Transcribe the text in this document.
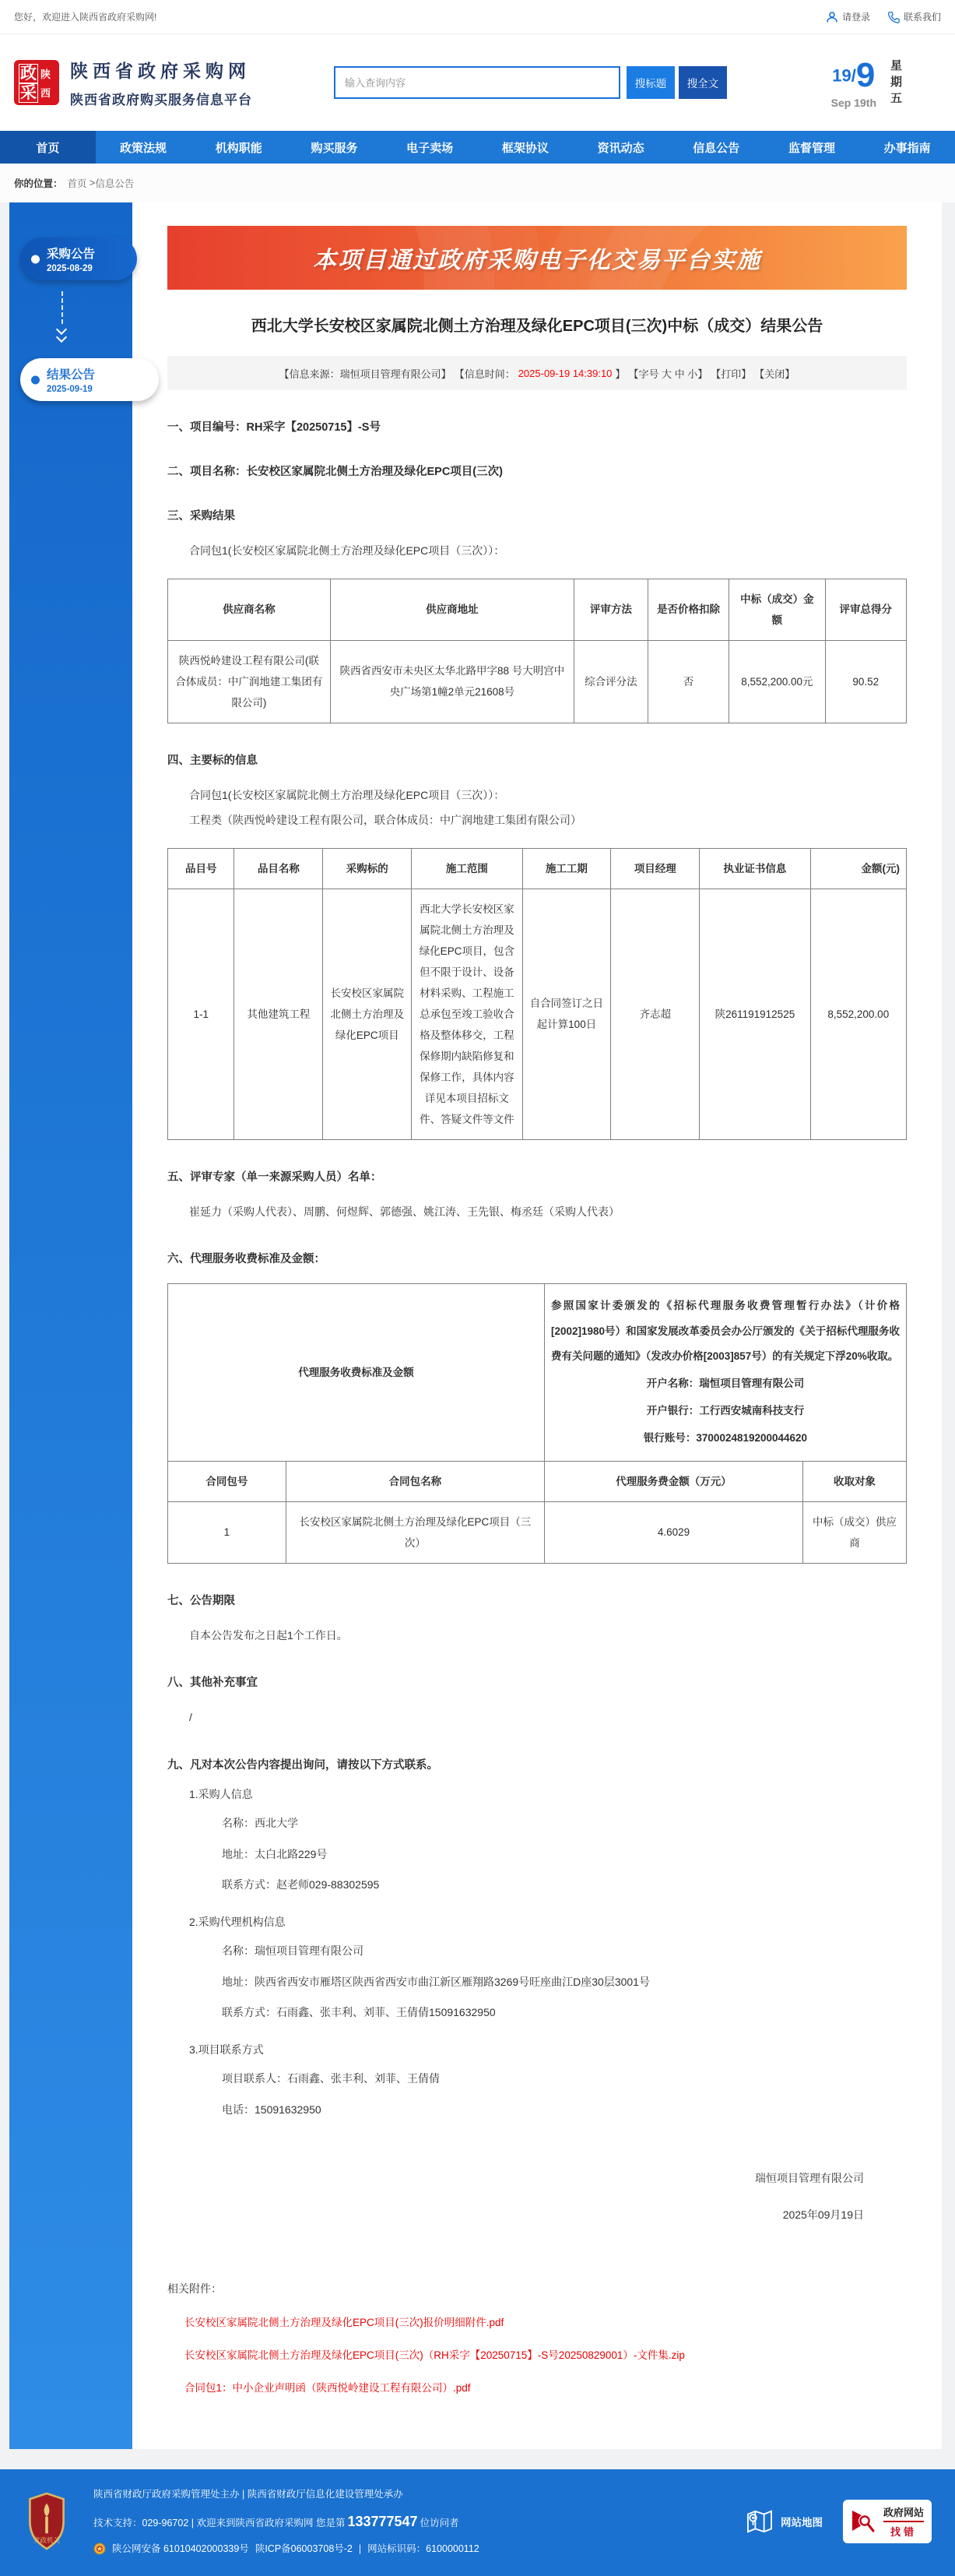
您好，欢迎进入陕西省政府采购网!	请登录	联系我们
政
采
陕
西
陕西省政府采购网
陕西省政府购买服务信息平台
输入查询内容
搜标题	搜全文	19/9
Sep 19th 星期五
首页	政策法规	机构职能	购买服务	电子卖场	框架协议	资讯动态	信息公告	监督管理	办事指南
你的位置： 首页
> 信息公告
采购公告
2025-08-29
结果公告
2025-09-19
本项目通过政府采购电子化交易平台实施
西北大学长安校区家属院北侧土方治理及绿化EPC项目(三次)中标（成交）结果公告
【信息来源：瑞恒项目管理有限公司】 【信息时间： 2025-09-19 14:39:10 】 【字号 大 中 小】 【打印】 【关闭】
一、项目编号：RH采字【20250715】-S号
二、项目名称：长安校区家属院北侧土方治理及绿化EPC项目(三次)
三、采购结果
合同包1(长安校区家属院北侧土方治理及绿化EPC项目（三次））：
供应商名称	供应商地址	评审方法	是否价格扣除	中标（成交）金额	评审总得分
陕西悦岭建设工程有限公司(联合体成员：中广润地建工集团有限公司)	陕西省西安市未央区太华北路甲字88 号大明宫中央广场第1幢2单元21608号	综合评分法	否	8,552,200.00元	90.52
四、主要标的信息
合同包1(长安校区家属院北侧土方治理及绿化EPC项目（三次））：
工程类（陕西悦岭建设工程有限公司，联合体成员：中广润地建工集团有限公司）
品目号	品目名称	采购标的	施工范围	施工工期	项目经理	执业证书信息	金额(元)
1-1	其他建筑工程	长安校区家属院北侧土方治理及绿化EPC项目	西北大学长安校区家属院北侧土方治理及绿化EPC项目，包含但不限于设计、设备材料采购、工程施工总承包至竣工验收合格及整体移交，工程保修期内缺陷修复和保修工作，具体内容详见本项目招标文件、答疑文件等文件	自合同签订之日起计算100日	齐志超	陕261191912525	8,552,200.00
五、评审专家（单一来源采购人员）名单：
崔延力（采购人代表）、周鹏、何煜辉、郭德强、姚江涛、王先银、梅丞廷（采购人代表）
六、代理服务收费标准及金额：
代理服务收费标准及金额		参照国家计委颁发的《招标代理服务收费管理暂行办法》（计价格[2002]1980号）和国家发展改革委员会办公厅颁发的《关于招标代理服务收费有关问题的通知》（发改办价格[2003]857号）的有关规定下浮20%收取。

开户名称：瑞恒项目管理有限公司
开户银行：工行西安城南科技支行
银行账号：3700024819200044620	

合同包号	合同包名称	代理服务费金额（万元）	收取对象
1	长安校区家属院北侧土方治理及绿化EPC项目（三次）	4.6029	中标（成交）供应商
七、公告期限
自本公告发布之日起1个工作日。
八、其他补充事宜
/
九、凡对本次公告内容提出询问，请按以下方式联系。
1.采购人信息
名称：西北大学
地址：太白北路229号
联系方式：赵老师029-88302595
2.采购代理机构信息
名称：瑞恒项目管理有限公司
地址：陕西省西安市雁塔区陕西省西安市曲江新区雁翔路3269号旺座曲江D座30层3001号
联系方式：石雨鑫、张丰利、刘菲、王倩倩15091632950
3.项目联系方式
项目联系人：石雨鑫、张丰利、刘菲、王倩倩
电话：15091632950
瑞恒项目管理有限公司
2025年09月19日
相关附件：
长安校区家属院北侧土方治理及绿化EPC项目(三次)报价明细附件.pdf
长安校区家属院北侧土方治理及绿化EPC项目(三次)（RH采字【20250715】-S号20250829001）-文件集.zip
合同包1：中小企业声明函（陕西悦岭建设工程有限公司）.pdf
党政机关
陕西省财政厅政府采购管理处主办 | 陕西省财政厅信息化建设管理处承办
技术支持：029-96702 | 欢迎来到陕西省政府采购网 您是第 133777547 位访问者
陕公网安备 61010402000339号 陕ICP备06003708号-2 | 网站标识码：6100000112
网站地图
政府网站
找错
